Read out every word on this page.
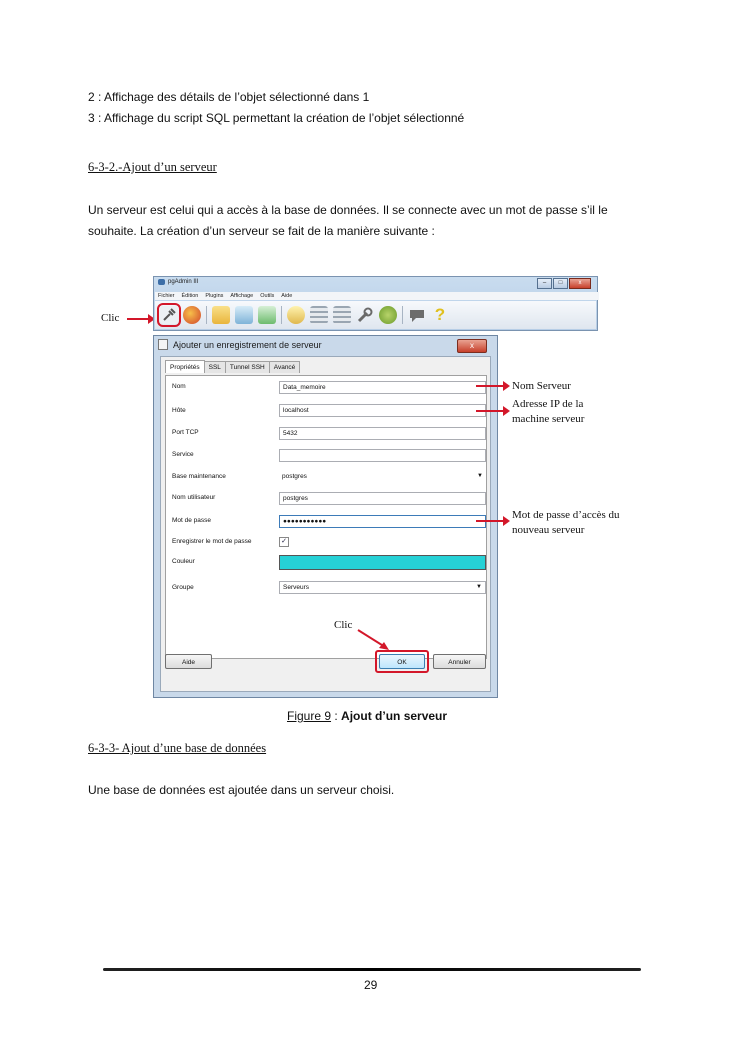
2 : Affichage des détails de l’objet sélectionné dans 1
3 : Affichage du script SQL permettant la création de l’objet sélectionné
6-3-2.-Ajout d’un serveur
Un serveur est celui qui a accès à la base de données. Il se connecte avec un mot de passe s’il le
souhaite. La création d’un serveur se fait de la manière suivante :
Clic
pgAdmin III	–	□	x
Fichier Édition Plugins Affichage Outils Aide
?
Ajouter un enregistrement de serveur	x
Propriétés	SSL	Tunnel SSH	Avancé
Nom	Data_memoire
Hôte	localhost
Port TCP	5432
Service
Base maintenance	postgres	▼
Nom utilisateur	postgres
Mot de passe	●●●●●●●●●●●
Enregistrer le mot de passe	✓
Couleur
Groupe	Serveurs	▼
Aide	OK	Annuler
Nom Serveur
Adresse IP de la
machine serveur
Mot de passe d’accès du
nouveau serveur
Clic
Figure 9 : Ajout d’un serveur
6-3-3- Ajout d’une base de données
Une base de données est ajoutée dans un serveur choisi.
29
